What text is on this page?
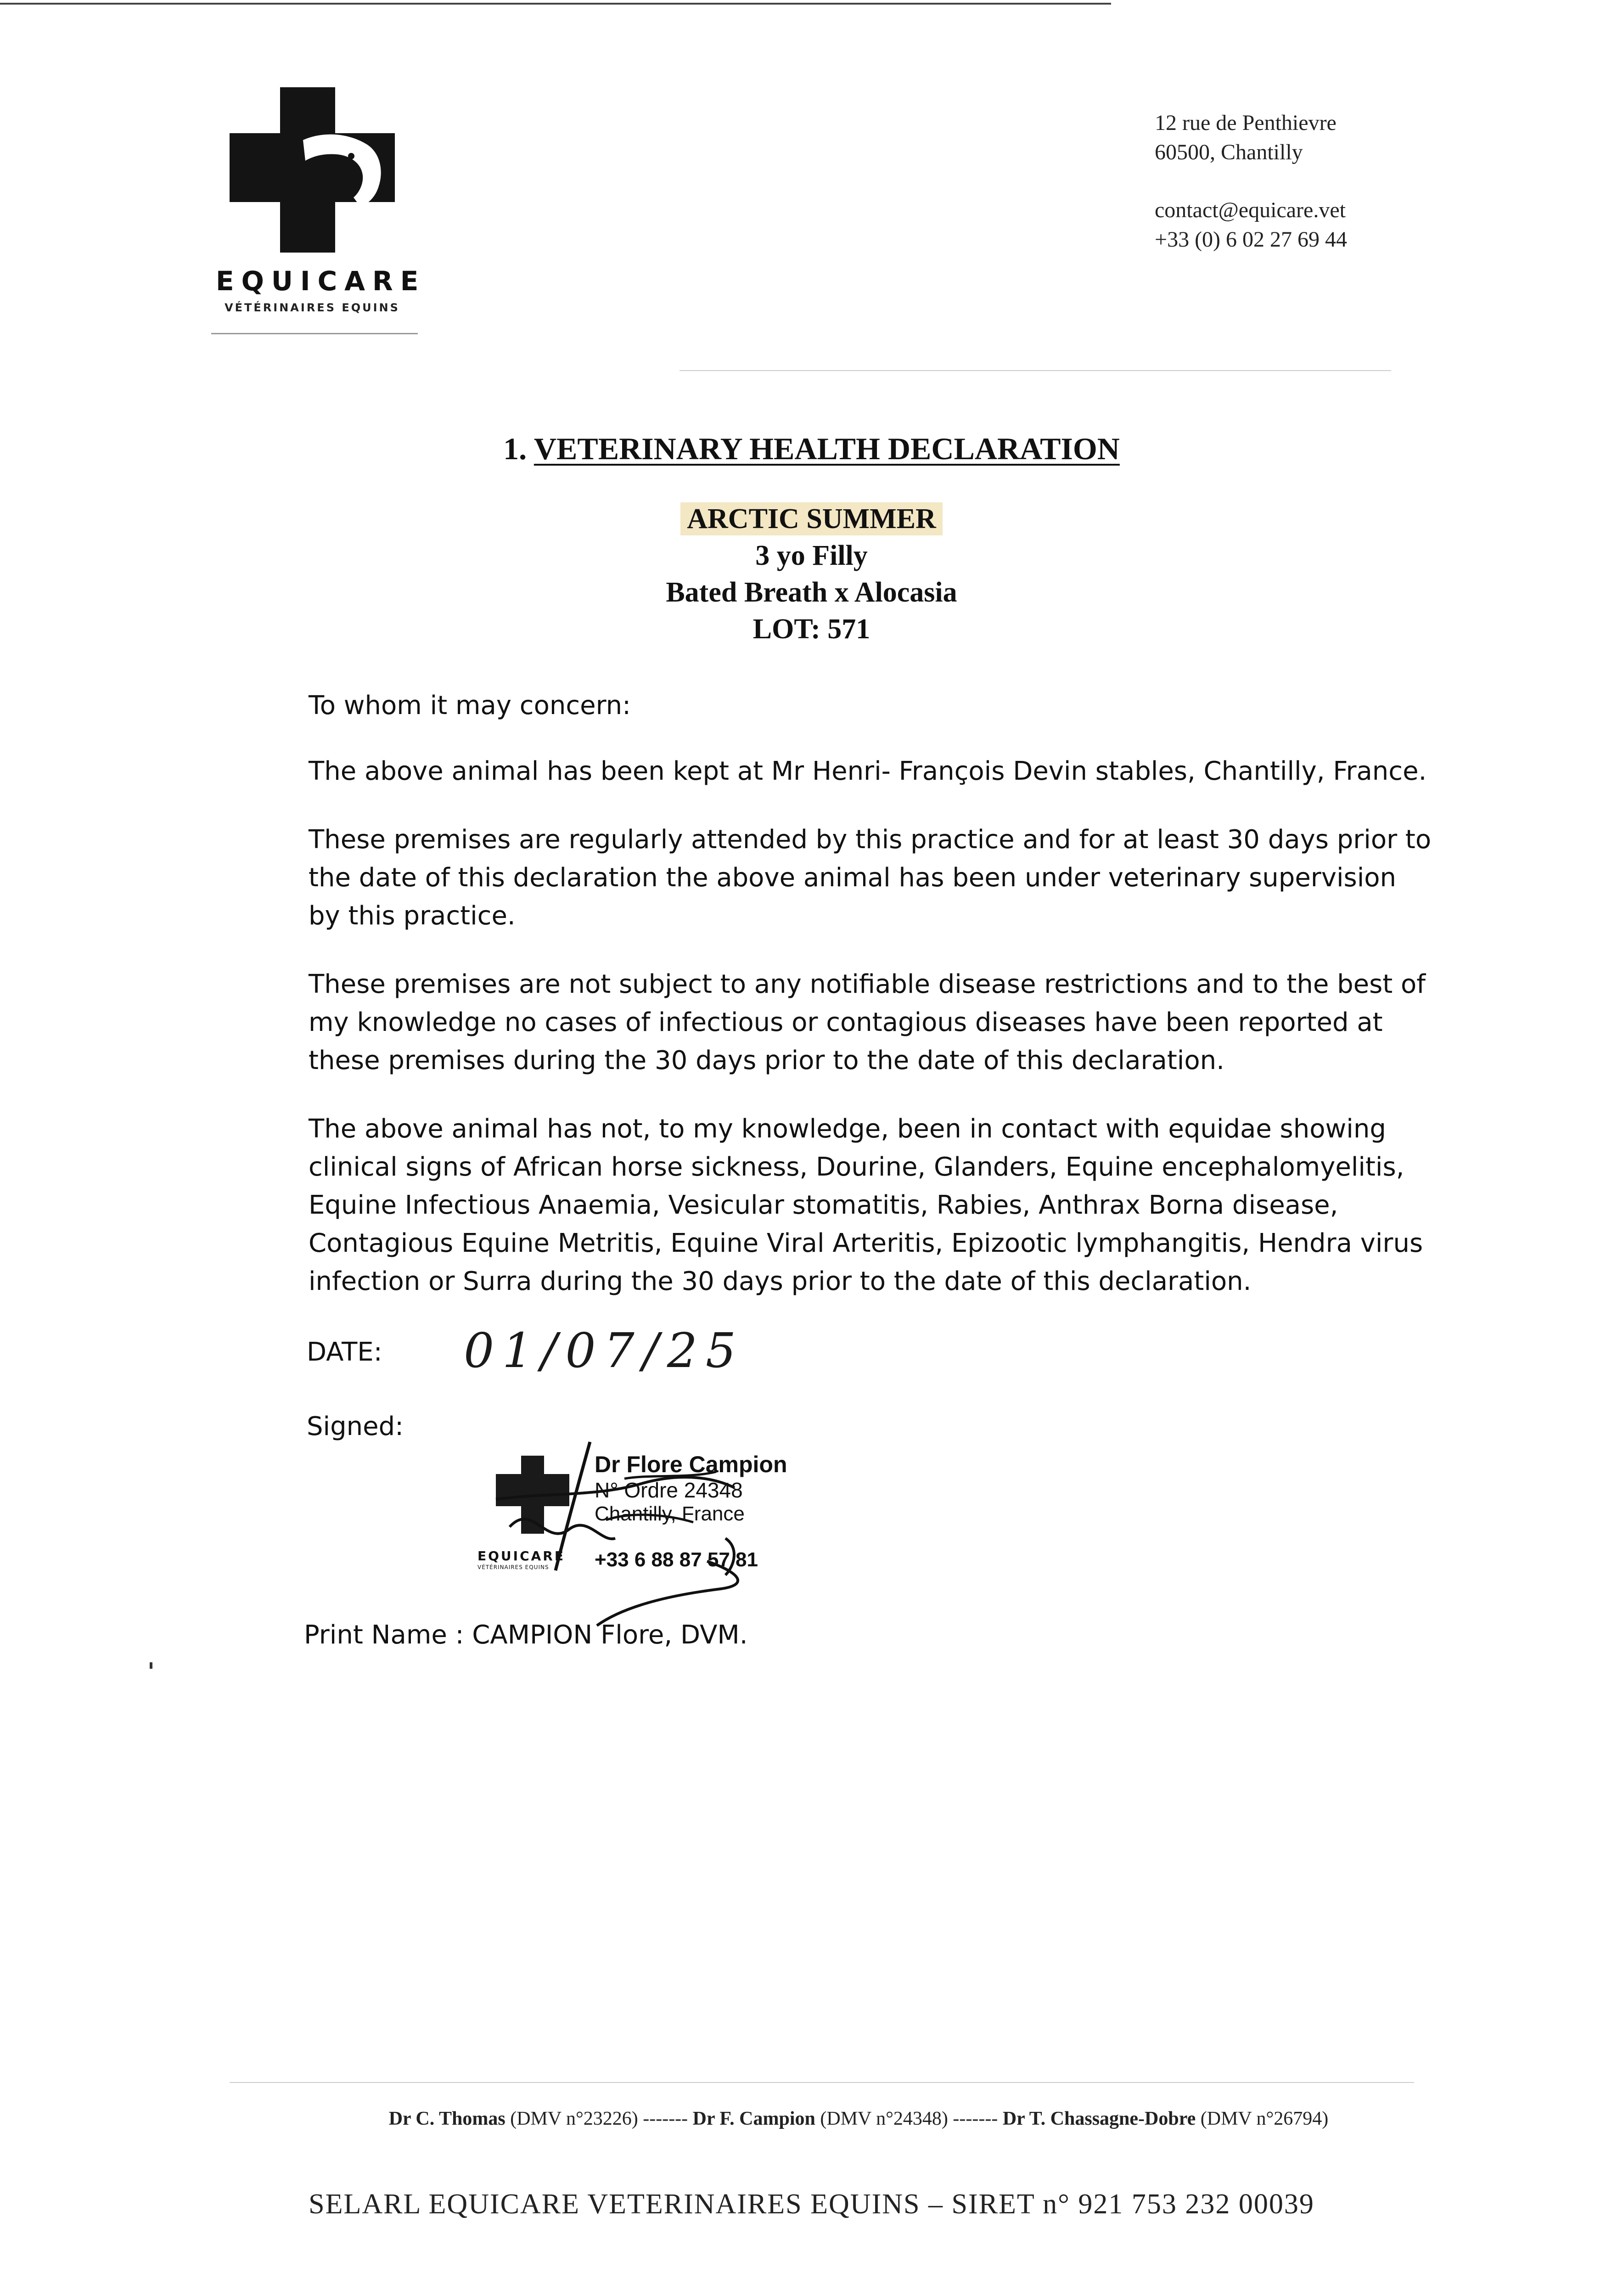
EQUICARE
VÉTÉRINAIRES EQUINS
12 rue de Penthievre
60500, Chantilly
contact@equicare.vet
+33 (0) 6 02 27 69 44
1. VETERINARY HEALTH DECLARATION
ARCTIC SUMMER
3 yo Filly
Bated Breath x Alocasia
LOT: 571

To whom it may concern:

The above animal has been kept at Mr Henri- François Devin stables, Chantilly, France.

These premises are regularly attended by this practice and for at least 30 days prior to the date of this declaration the above animal has been under veterinary supervision by this practice.

These premises are not subject to any notifiable disease restrictions and to the best of my knowledge no cases of infectious or contagious diseases have been reported at these premises during the 30 days prior to the date of this declaration.

The above animal has not, to my knowledge, been in contact with equidae showing clinical signs of African horse sickness, Dourine, Glanders, Equine encephalomyelitis, Equine Infectious Anaemia, Vesicular stomatitis, Rabies, Anthrax Borna disease, Contagious Equine Metritis, Equine Viral Arteritis, Epizootic lymphangitis, Hendra virus infection or Surra during the 30 days prior to the date of this declaration.

DATE: 01/07/25
Signed:
Dr Flore Campion
N° Ordre 24348
Chantilly, France
EQUICARE
VÉTÉRINAIRES EQUINS +33 6 88 87 57 81
Print Name : CAMPION Flore, DVM.
Dr C. Thomas (DMV n°23226) ------- Dr F. Campion (DMV n°24348) ------- Dr T. Chassagne-Dobre (DMV n°26794)
SELARL EQUICARE VETERINAIRES EQUINS – SIRET n° 921 753 232 00039
